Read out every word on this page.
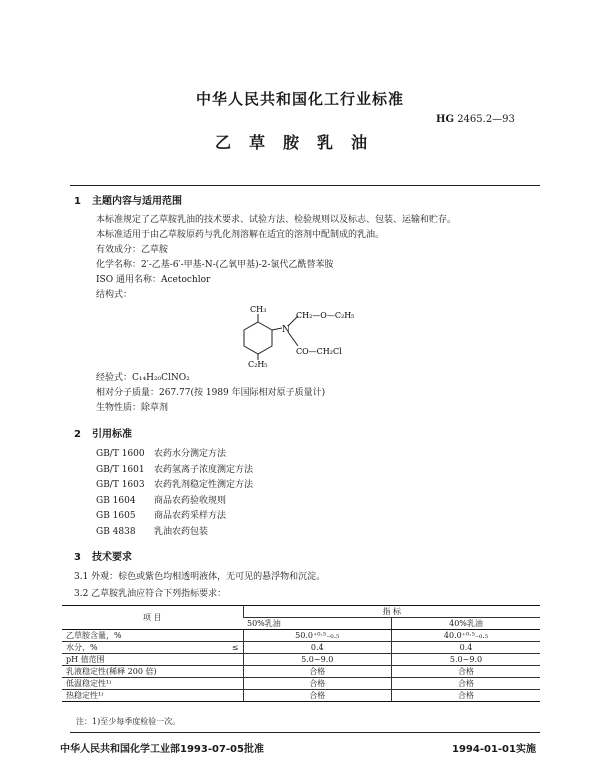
中华人民共和国化工行业标准
HG 2465.2—93
乙草胺乳油
1 主题内容与适用范围
本标准规定了乙草胺乳油的技术要求、试验方法、检验规则以及标志、包装、运输和贮存。
本标准适用于由乙草胺原药与乳化剂溶解在适宜的溶剂中配制成的乳油。
有效成分：乙草胺
化学名称：2′-乙基-6′-甲基-N-(乙氧甲基)-2-氯代乙酰替苯胺
ISO 通用名称：Acetochlor
结构式：
CH₃
N
CH₂—O—C₂H₅
CO—CH₂Cl
C₂H₅
经验式：C₁₄H₂₀ClNO₂
相对分子质量：267.77(按 1989 年国际相对原子质量计)
生物性质：除草剂
2 引用标准
GB/T 1600 农药水分测定方法
GB/T 1601 农药氢离子浓度测定方法
GB/T 1603 农药乳剂稳定性测定方法
GB 1604 商品农药验收规则
GB 1605 商品农药采样方法
GB 4838 乳油农药包装
3 技术要求
3.1 外观：棕色或紫色均相透明液体，无可见的悬浮物和沉淀。
3.2 乙草胺乳油应符合下列指标要求：
项 目		指 标	
		50%乳油	40%乳油
乙草胺含量，%		50.0⁺⁰·⁵₋₀.₅	40.0⁺⁰·⁵₋₀.₅
水分，%	≤	0.4	0.4
pH 值范围		5.0~9.0	5.0~9.0
乳液稳定性(稀释 200 倍)		合格	合格
低温稳定性¹⁾		合格	合格
热稳定性¹⁾		合格	合格
注：1)至少每季度检验一次。
中华人民共和国化学工业部1993-07-05批准	1994-01-01实施
